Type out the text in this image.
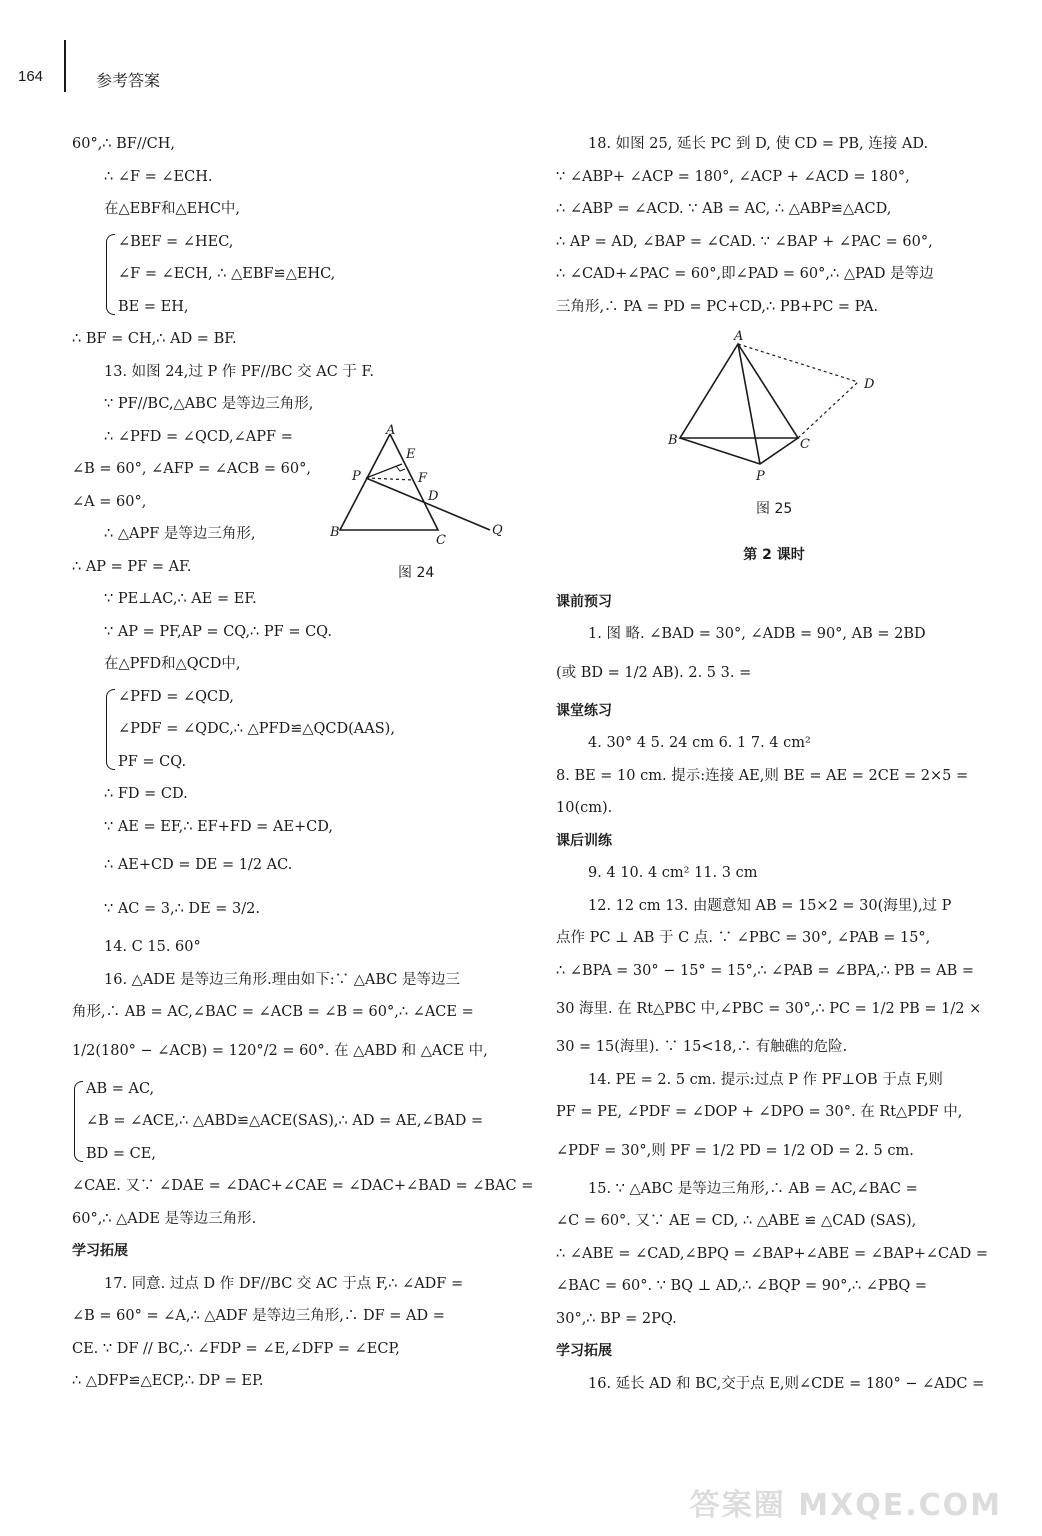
164	参考答案
60°,∴ BF//CH,
∴ ∠F = ∠ECH.
在△EBF和△EHC中,
∠BEF = ∠HEC,
∠F = ∠ECH, ∴ △EBF≌△EHC,
BE = EH,
∴ BF = CH,∴ AD = BF.
13. 如图 24,过 P 作 PF//BC 交 AC 于 F.
∵ PF//BC,△ABC 是等边三角形,
∴ ∠PFD = ∠QCD,∠APF =
∠B = 60°, ∠AFP = ∠ACB = 60°,
∠A = 60°,
∴ △APF 是等边三角形,
∴ AP = PF = AF.
∵ PE⊥AC,∴ AE = EF.
∵ AP = PF,AP = CQ,∴ PF = CQ.
在△PFD和△QCD中,
∠PFD = ∠QCD,
∠PDF = ∠QDC,∴ △PFD≌△QCD(AAS),
PF = CQ.
∴ FD = CD.
∵ AE = EF,∴ EF+FD = AE+CD,
∴ AE+CD = DE = 1/2 AC.
∵ AC = 3,∴ DE = 3/2.
14. C 15. 60°
16. △ADE 是等边三角形.理由如下:∵ △ABC 是等边三
角形,∴ AB = AC,∠BAC = ∠ACB = ∠B = 60°,∴ ∠ACE =
1/2(180° − ∠ACB) = 120°/2 = 60°. 在 △ABD 和 △ACE 中,
AB = AC,
∠B = ∠ACE,∴ △ABD≌△ACE(SAS),∴ AD = AE,∠BAD =
BD = CE,
∠CAE. 又∵ ∠DAE = ∠DAC+∠CAE = ∠DAC+∠BAD = ∠BAC =
60°,∴ △ADE 是等边三角形.
学习拓展
17. 同意. 过点 D 作 DF//BC 交 AC 于点 F,∴ ∠ADF =
∠B = 60° = ∠A,∴ △ADF 是等边三角形,∴ DF = AD =
CE. ∵ DF // BC,∴ ∠FDP = ∠E,∠DFP = ∠ECP,
∴ △DFP≌△ECP,∴ DP = EP.
A
E
P	F
D
B
C
Q
图 24
18. 如图 25, 延长 PC 到 D, 使 CD = PB, 连接 AD.
∵ ∠ABP+ ∠ACP = 180°, ∠ACP + ∠ACD = 180°,
∴ ∠ABP = ∠ACD. ∵ AB = AC, ∴ △ABP≌△ACD,
∴ AP = AD, ∠BAP = ∠CAD. ∵ ∠BAP + ∠PAC = 60°,
∴ ∠CAD+∠PAC = 60°,即∠PAD = 60°,∴ △PAD 是等边
三角形,∴ PA = PD = PC+CD,∴ PB+PC = PA.
第 2 课时
课前预习
1. 图 略. ∠BAD = 30°, ∠ADB = 90°, AB = 2BD
(或 BD = 1/2 AB). 2. 5 3. =
课堂练习
4. 30° 4 5. 24 cm 6. 1 7. 4 cm²
8. BE = 10 cm. 提示:连接 AE,则 BE = AE = 2CE = 2×5 =
10(cm).
课后训练
9. 4 10. 4 cm² 11. 3 cm
12. 12 cm 13. 由题意知 AB = 15×2 = 30(海里),过 P
点作 PC ⊥ AB 于 C 点. ∵ ∠PBC = 30°, ∠PAB = 15°,
∴ ∠BPA = 30° − 15° = 15°,∴ ∠PAB = ∠BPA,∴ PB = AB =
30 海里. 在 Rt△PBC 中,∠PBC = 30°,∴ PC = 1/2 PB = 1/2 ×
30 = 15(海里). ∵ 15<18,∴ 有触礁的危险.
14. PE = 2. 5 cm. 提示:过点 P 作 PF⊥OB 于点 F,则
PF = PE, ∠PDF = ∠DOP + ∠DPO = 30°. 在 Rt△PDF 中,
∠PDF = 30°,则 PF = 1/2 PD = 1/2 OD = 2. 5 cm.
15. ∵ △ABC 是等边三角形,∴ AB = AC,∠BAC =
∠C = 60°. 又∵ AE = CD, ∴ △ABE ≌ △CAD (SAS),
∴ ∠ABE = ∠CAD,∠BPQ = ∠BAP+∠ABE = ∠BAP+∠CAD =
∠BAC = 60°. ∵ BQ ⊥ AD,∴ ∠BQP = 90°,∴ ∠PBQ =
30°,∴ BP = 2PQ.
学习拓展
16. 延长 AD 和 BC,交于点 E,则∠CDE = 180° − ∠ADC =
A
D
B	C
P
图 25
答案圈 MXQE.COM
